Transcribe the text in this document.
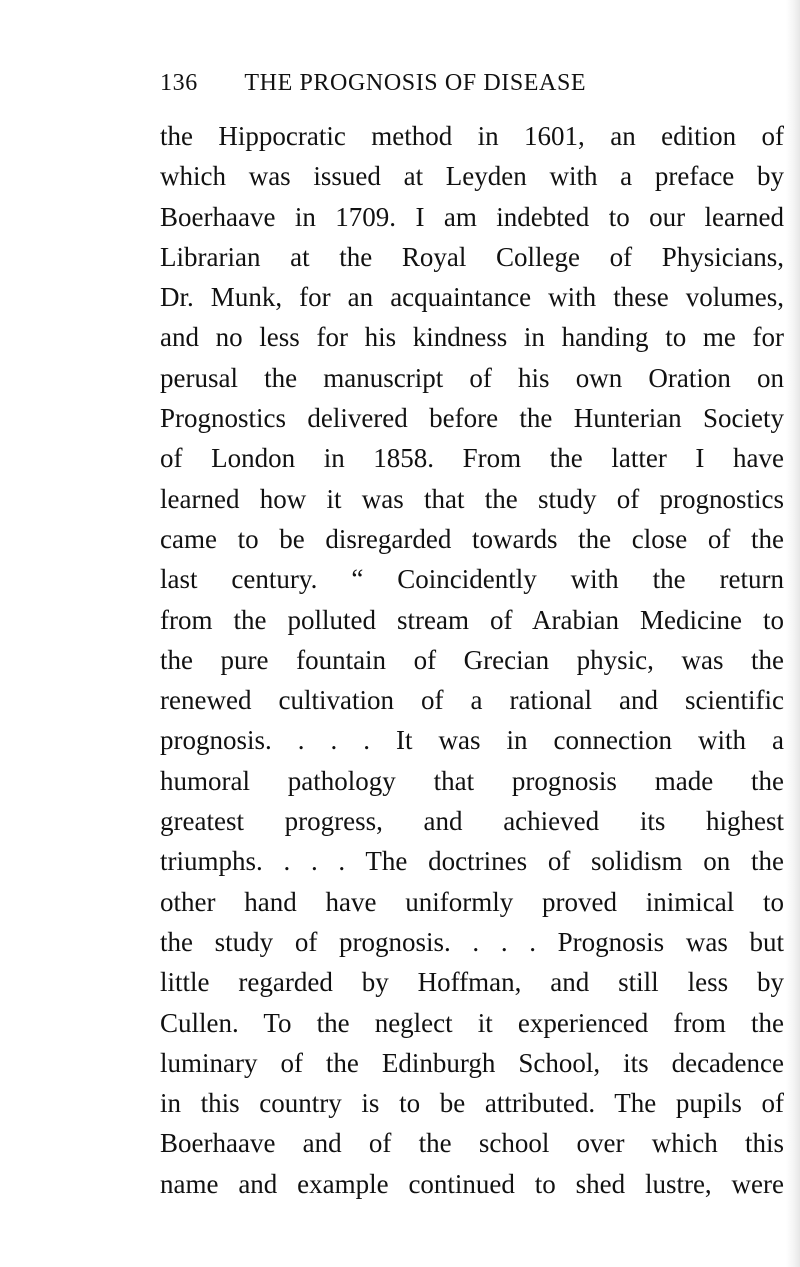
136 THE PROGNOSIS OF DISEASE
the Hippocratic method in 1601, an edition of
which was issued at Leyden with a preface by
Boerhaave in 1709. I am indebted to our learned
Librarian at the Royal College of Physicians,
Dr. Munk, for an acquaintance with these volumes,
and no less for his kindness in handing to me for
perusal the manuscript of his own Oration on
Prognostics delivered before the Hunterian Society
of London in 1858. From the latter I have
learned how it was that the study of prognostics
came to be disregarded towards the close of the
last century. “ Coincidently with the return
from the polluted stream of Arabian Medicine to
the pure fountain of Grecian physic, was the
renewed cultivation of a rational and scientific
prognosis. . . . It was in connection with a
humoral pathology that prognosis made the
greatest progress, and achieved its highest
triumphs. . . . The doctrines of solidism on the
other hand have uniformly proved inimical to
the study of prognosis. . . . Prognosis was but
little regarded by Hoffman, and still less by
Cullen. To the neglect it experienced from the
luminary of the Edinburgh School, its decadence
in this country is to be attributed. The pupils of
Boerhaave and of the school over which this
name and example continued to shed lustre, were
